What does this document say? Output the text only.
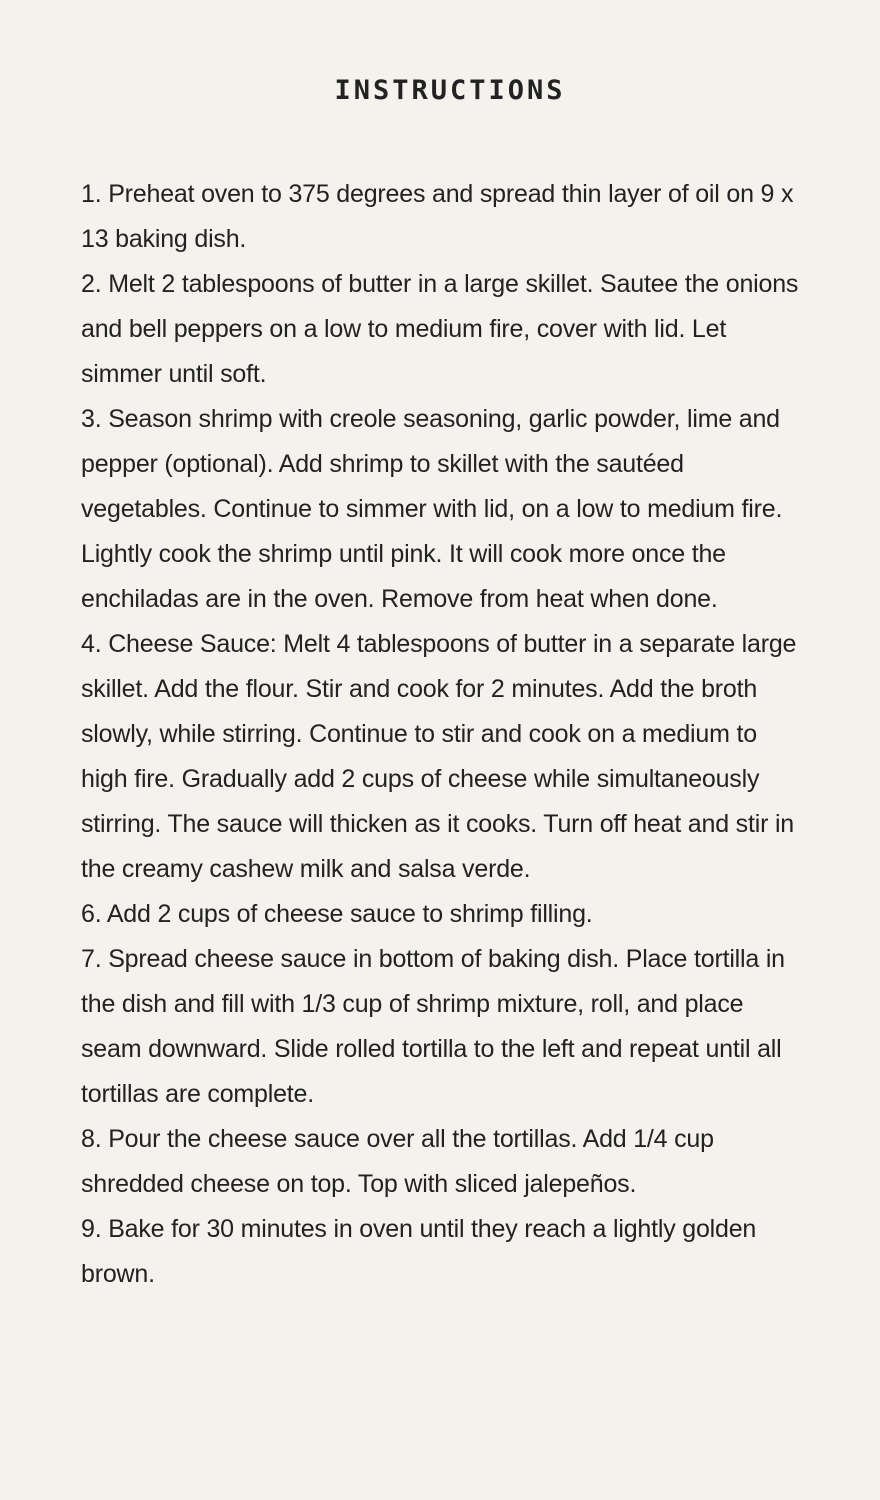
INSTRUCTIONS
1. Preheat oven to 375 degrees and spread thin layer of oil on 9 x 13 baking dish.
2. Melt 2 tablespoons of butter in a large skillet. Sautee the onions and bell peppers on a low to medium fire, cover with lid. Let simmer until soft.
3. Season shrimp with creole seasoning, garlic powder, lime and pepper (optional). Add shrimp to skillet with the sautéed vegetables. Continue to simmer with lid, on a low to medium fire. Lightly cook the shrimp until pink. It will cook more once the enchiladas are in the oven. Remove from heat when done.
4. Cheese Sauce: Melt 4 tablespoons of butter in a separate large skillet. Add the flour. Stir and cook for 2 minutes. Add the broth slowly, while stirring. Continue to stir and cook on a medium to high fire. Gradually add 2 cups of cheese while simultaneously stirring. The sauce will thicken as it cooks. Turn off heat and stir in the creamy cashew milk and salsa verde.
6. Add 2 cups of cheese sauce to shrimp filling.
7. Spread cheese sauce in bottom of baking dish. Place tortilla in the dish and fill with 1/3 cup of shrimp mixture, roll, and place seam downward. Slide rolled tortilla to the left and repeat until all tortillas are complete.
8. Pour the cheese sauce over all the tortillas. Add 1/4 cup shredded cheese on top. Top with sliced jalepeños.
9. Bake for 30 minutes in oven until they reach a lightly golden brown.
